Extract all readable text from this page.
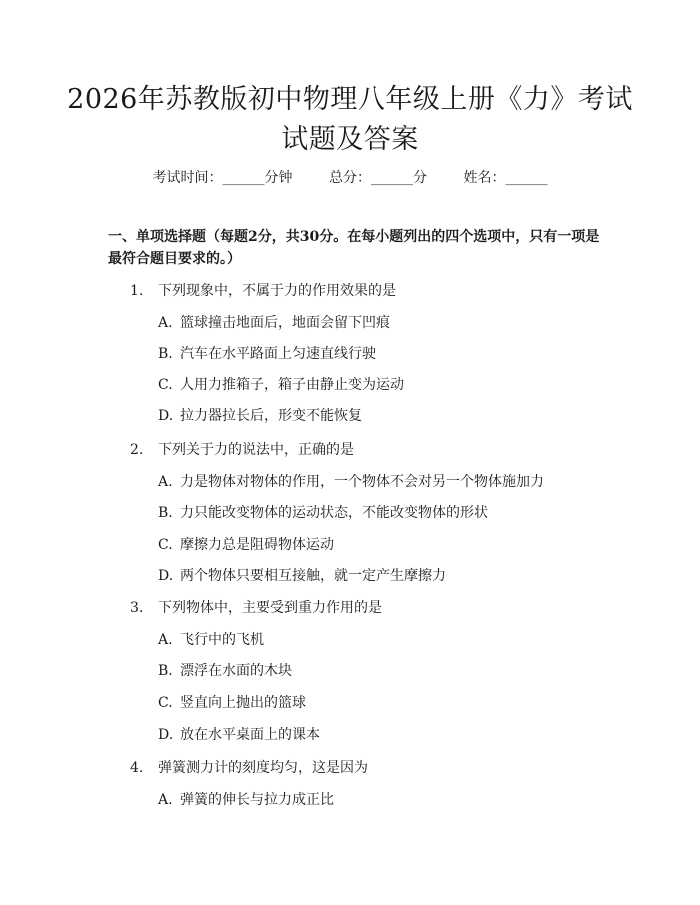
2026年苏教版初中物理八年级上册《力》考试试题及答案
考试时间：______分钟	总分：______分	姓名：______
一、单项选择题（每题2分，共30分。在每小题列出的四个选项中，只有一项是最符合题目要求的。）
1. 下列现象中，不属于力的作用效果的是
A. 篮球撞击地面后，地面会留下凹痕
B. 汽车在水平路面上匀速直线行驶
C. 人用力推箱子，箱子由静止变为运动
D. 拉力器拉长后，形变不能恢复
2. 下列关于力的说法中，正确的是
A. 力是物体对物体的作用，一个物体不会对另一个物体施加力
B. 力只能改变物体的运动状态，不能改变物体的形状
C. 摩擦力总是阻碍物体运动
D. 两个物体只要相互接触，就一定产生摩擦力
3. 下列物体中，主要受到重力作用的是
A. 飞行中的飞机
B. 漂浮在水面的木块
C. 竖直向上抛出的篮球
D. 放在水平桌面上的课本
4. 弹簧测力计的刻度均匀，这是因为
A. 弹簧的伸长与拉力成正比
